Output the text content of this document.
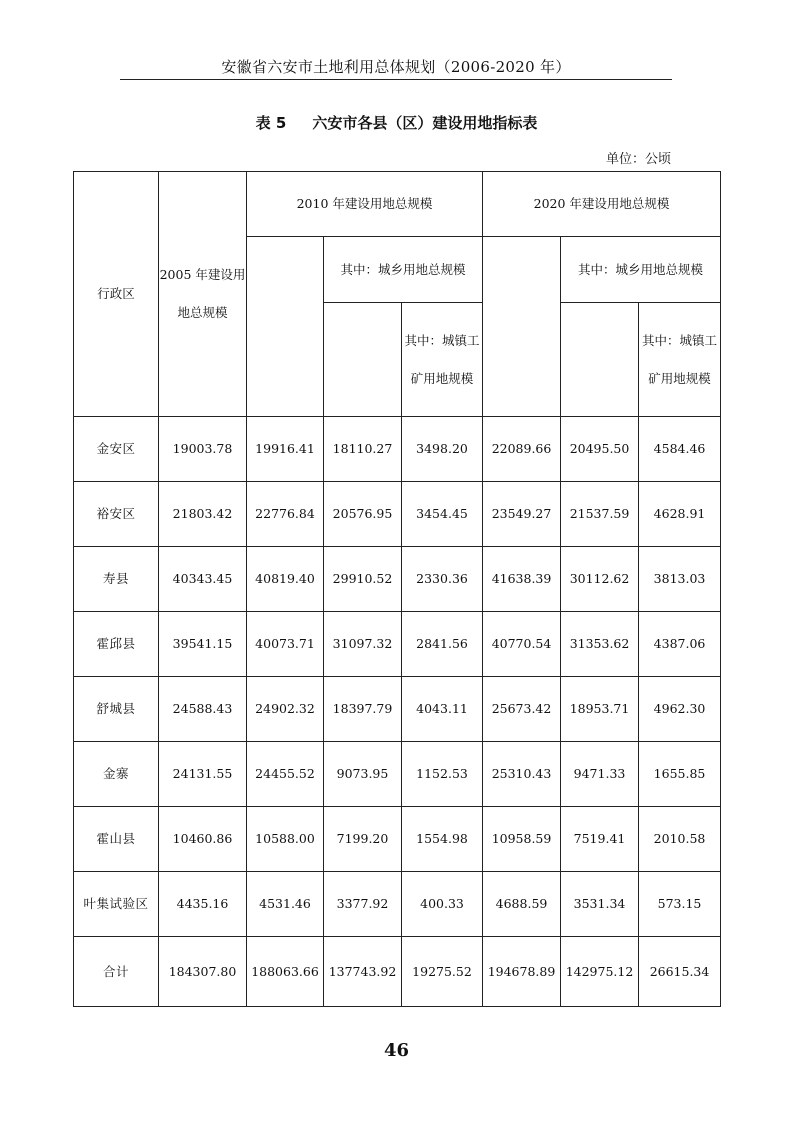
安徽省六安市土地利用总体规划（2006-2020 年）
表 5 六安市各县（区）建设用地指标表
单位：公顷
行政区	2005 年建设用地总规模	2010 年建设用地总规模			2020 年建设用地总规模		
			其中：城乡用地总规模			其中：城乡用地总规模	
				其中：城镇工矿用地规模			其中：城镇工矿用地规模
金安区	19003.78	19916.41	18110.27	3498.20	22089.66	20495.50	4584.46
裕安区	21803.42	22776.84	20576.95	3454.45	23549.27	21537.59	4628.91
寿县	40343.45	40819.40	29910.52	2330.36	41638.39	30112.62	3813.03
霍邱县	39541.15	40073.71	31097.32	2841.56	40770.54	31353.62	4387.06
舒城县	24588.43	24902.32	18397.79	4043.11	25673.42	18953.71	4962.30
金寨	24131.55	24455.52	9073.95	1152.53	25310.43	9471.33	1655.85
霍山县	10460.86	10588.00	7199.20	1554.98	10958.59	7519.41	2010.58
叶集试验区	4435.16	4531.46	3377.92	400.33	4688.59	3531.34	573.15
合计	184307.80	188063.66	137743.92	19275.52	194678.89	142975.12	26615.34
46
